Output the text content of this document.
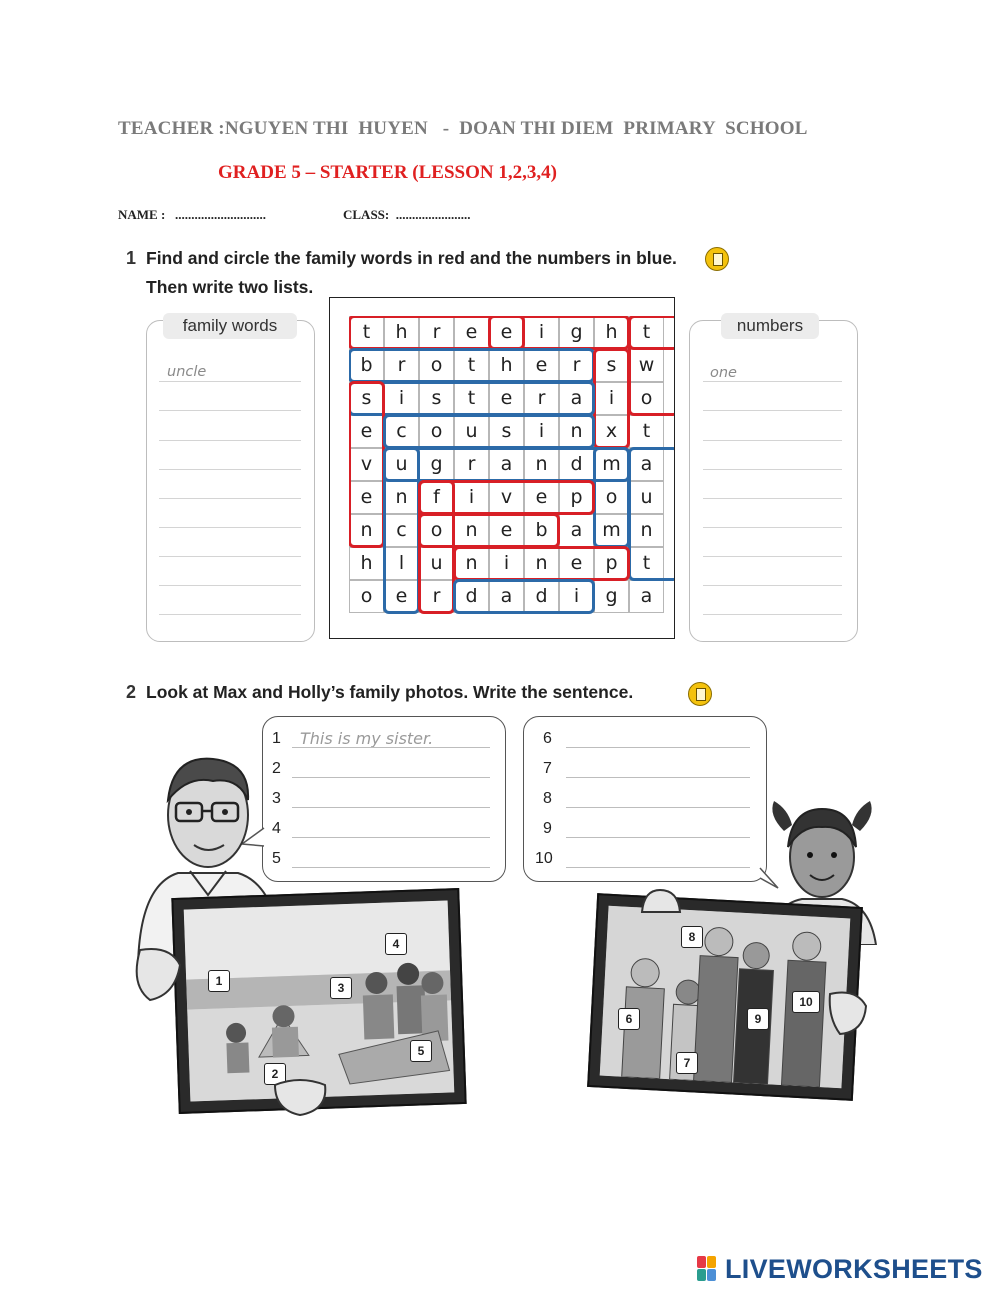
TEACHER :NGUYEN THI  HUYEN   -  DOAN THI DIEM  PRIMARY  SCHOOL
GRADE 5 – STARTER (LESSON 1,2,3,4)
NAME :   ............................	CLASS:  .......................
1 Find and circle the family words in red and the numbers in blue.
Then write two lists.
family words
uncle
t	h	r	e	e	i	g	h	t
b	r	o	t	h	e	r	s	w
s	i	s	t	e	r	a	i	o
e	c	o	u	s	i	n	x	t
v	u	g	r	a	n	d	m	a
e	n	f	i	v	e	p	o	u
n	c	o	n	e	b	a	m	n
h	l	u	n	i	n	e	p	t
o	e	r	d	a	d	i	g	a
numbers
one
2 Look at Max and Holly’s family photos. Write the sentence.
1
2
3
4
5
This is my sister.	6
7
8
9
10
1
2
3
4
5
6
7
8
9
10
LIVEWORKSHEETS
